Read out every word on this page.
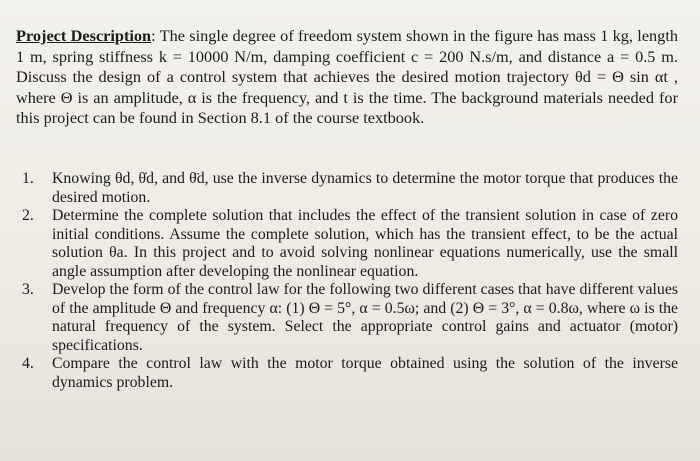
Project Description: The single degree of freedom system shown in the figure has mass 1 kg, length 1 m, spring stiffness k = 10000 N/m, damping coefficient c = 200 N.s/m, and distance a = 0.5 m. Discuss the design of a control system that achieves the desired motion trajectory θd = Θ sin αt , where Θ is an amplitude, α is the frequency, and t is the time. The background materials needed for this project can be found in Section 8.1 of the course textbook.

1. Knowing θd, θ̇d, and θ̈d, use the inverse dynamics to determine the motor torque that produces the desired motion.
2. Determine the complete solution that includes the effect of the transient solution in case of zero initial conditions. Assume the complete solution, which has the transient effect, to be the actual solution θa. In this project and to avoid solving nonlinear equations numerically, use the small angle assumption after developing the nonlinear equation.
3. Develop the form of the control law for the following two different cases that have different values of the amplitude Θ and frequency α: (1) Θ = 5°, α = 0.5ω; and (2) Θ = 3°, α = 0.8ω, where ω is the natural frequency of the system. Select the appropriate control gains and actuator (motor) specifications.
4. Compare the control law with the motor torque obtained using the solution of the inverse dynamics problem.
